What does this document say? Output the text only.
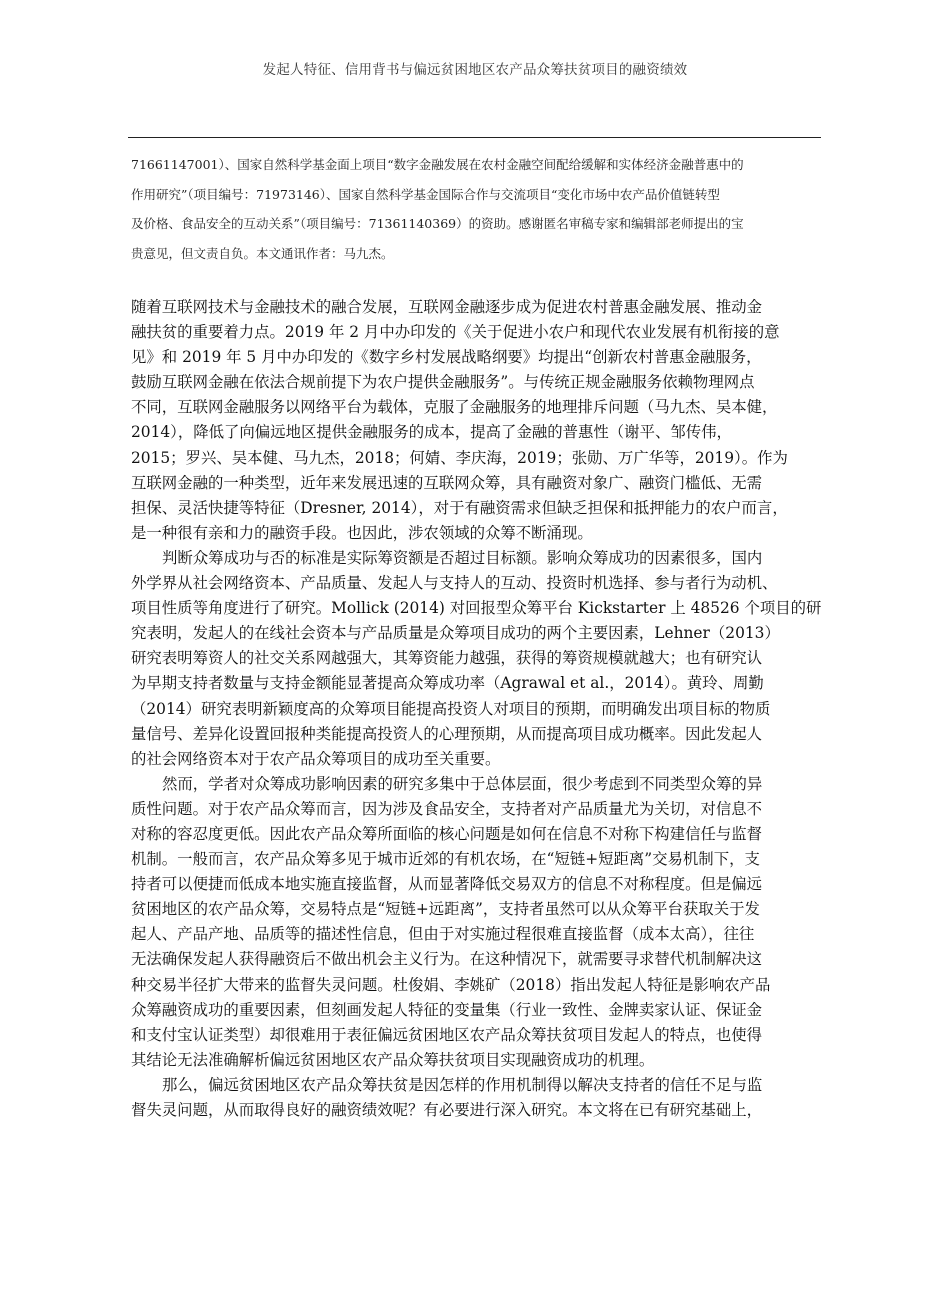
发起人特征、信用背书与偏远贫困地区农产品众筹扶贫项目的融资绩效
71661147001）、国家自然科学基金面上项目“数字金融发展在农村金融空间配给缓解和实体经济金融普惠中的
作用研究”（项目编号：71973146）、国家自然科学基金国际合作与交流项目“变化市场中农产品价值链转型
及价格、食品安全的互动关系”（项目编号：71361140369）的资助。感谢匿名审稿专家和编辑部老师提出的宝
贵意见，但文责自负。本文通讯作者：马九杰。
随着互联网技术与金融技术的融合发展，互联网金融逐步成为促进农村普惠金融发展、推动金
融扶贫的重要着力点。2019 年 2 月中办印发的《关于促进小农户和现代农业发展有机衔接的意
见》和 2019 年 5 月中办印发的《数字乡村发展战略纲要》均提出“创新农村普惠金融服务，
鼓励互联网金融在依法合规前提下为农户提供金融服务”。与传统正规金融服务依赖物理网点
不同，互联网金融服务以网络平台为载体，克服了金融服务的地理排斥问题（马九杰、吴本健，
2014），降低了向偏远地区提供金融服务的成本，提高了金融的普惠性（谢平、邹传伟，
2015；罗兴、吴本健、马九杰，2018；何婧、李庆海，2019；张勋、万广华等，2019）。作为
互联网金融的一种类型，近年来发展迅速的互联网众筹，具有融资对象广、融资门槛低、无需
担保、灵活快捷等特征（Dresner, 2014），对于有融资需求但缺乏担保和抵押能力的农户而言，
是一种很有亲和力的融资手段。也因此，涉农领域的众筹不断涌现。
判断众筹成功与否的标准是实际筹资额是否超过目标额。影响众筹成功的因素很多，国内
外学界从社会网络资本、产品质量、发起人与支持人的互动、投资时机选择、参与者行为动机、
项目性质等角度进行了研究。Mollick (2014) 对回报型众筹平台 Kickstarter 上 48526 个项目的研
究表明，发起人的在线社会资本与产品质量是众筹项目成功的两个主要因素，Lehner（2013）
研究表明筹资人的社交关系网越强大，其筹资能力越强，获得的筹资规模就越大；也有研究认
为早期支持者数量与支持金额能显著提高众筹成功率（Agrawal et al.，2014）。黄玲、周勤
（2014）研究表明新颖度高的众筹项目能提高投资人对项目的预期，而明确发出项目标的物质
量信号、差异化设置回报种类能提高投资人的心理预期，从而提高项目成功概率。因此发起人
的社会网络资本对于农产品众筹项目的成功至关重要。
然而，学者对众筹成功影响因素的研究多集中于总体层面，很少考虑到不同类型众筹的异
质性问题。对于农产品众筹而言，因为涉及食品安全，支持者对产品质量尤为关切，对信息不
对称的容忍度更低。因此农产品众筹所面临的核心问题是如何在信息不对称下构建信任与监督
机制。一般而言，农产品众筹多见于城市近郊的有机农场，在“短链+短距离”交易机制下，支
持者可以便捷而低成本地实施直接监督，从而显著降低交易双方的信息不对称程度。但是偏远
贫困地区的农产品众筹，交易特点是“短链+远距离”，支持者虽然可以从众筹平台获取关于发
起人、产品产地、品质等的描述性信息，但由于对实施过程很难直接监督（成本太高），往往
无法确保发起人获得融资后不做出机会主义行为。在这种情况下，就需要寻求替代机制解决这
种交易半径扩大带来的监督失灵问题。杜俊娟、李姚矿（2018）指出发起人特征是影响农产品
众筹融资成功的重要因素，但刻画发起人特征的变量集（行业一致性、金牌卖家认证、保证金
和支付宝认证类型）却很难用于表征偏远贫困地区农产品众筹扶贫项目发起人的特点，也使得
其结论无法准确解析偏远贫困地区农产品众筹扶贫项目实现融资成功的机理。
那么，偏远贫困地区农产品众筹扶贫是因怎样的作用机制得以解决支持者的信任不足与监
督失灵问题，从而取得良好的融资绩效呢？有必要进行深入研究。本文将在已有研究基础上，
